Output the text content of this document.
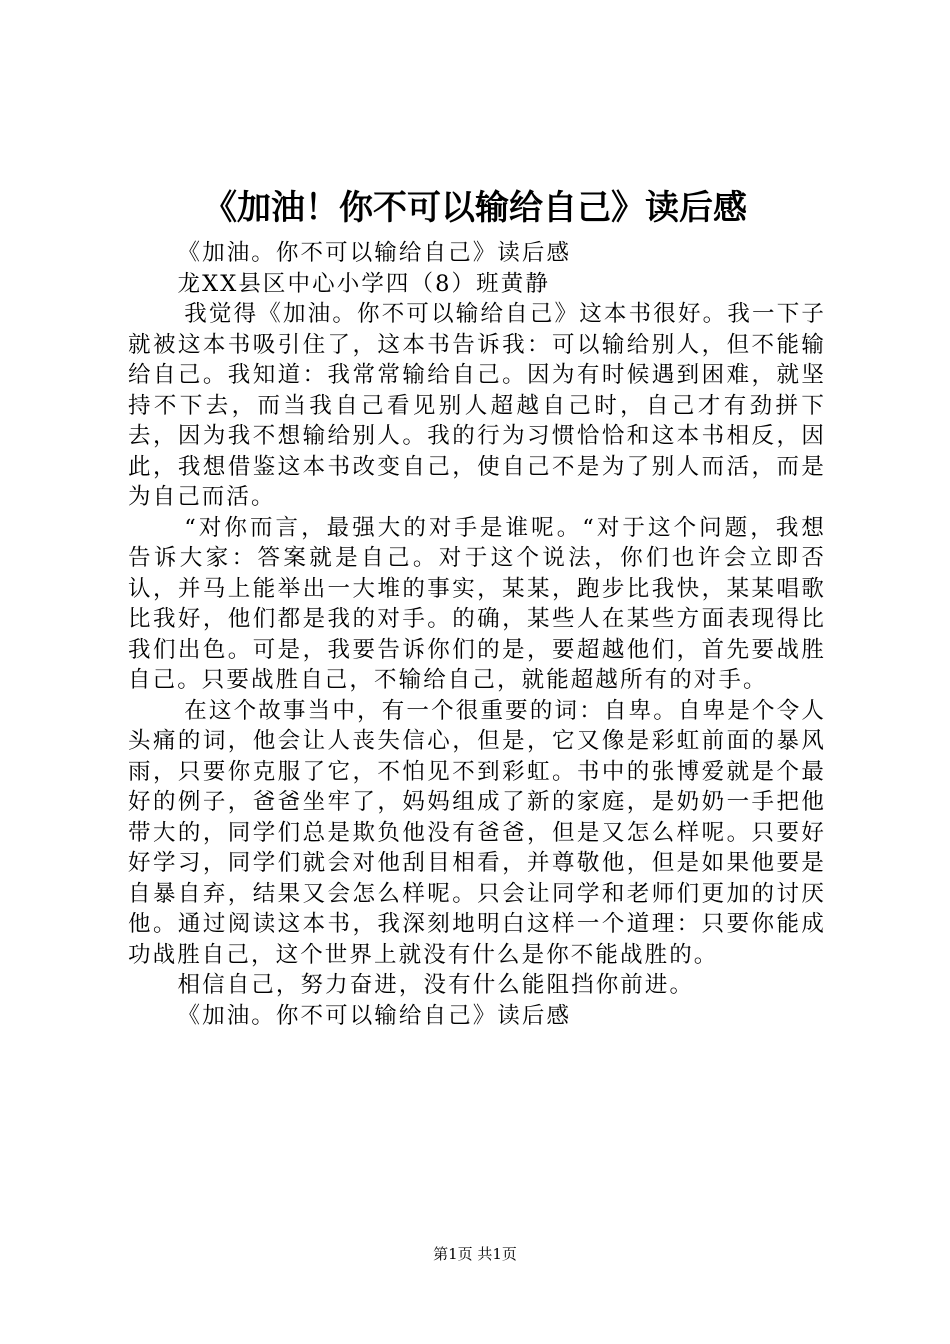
《加油！你不可以输给自己》读后感

《加油。你不可以输给自己》读后感

龙XX县区中心小学四（8）班黄静

我觉得《加油。你不可以输给自己》这本书很好。我一下子就被这本书吸引住了，这本书告诉我：可以输给别人，但不能输给自己。我知道：我常常输给自己。因为有时候遇到困难，就坚持不下去，而当我自己看见别人超越自己时，自己才有劲拼下去，因为我不想输给别人。我的行为习惯恰恰和这本书相反，因此，我想借鉴这本书改变自己，使自己不是为了别人而活，而是为自己而活。

“对你而言，最强大的对手是谁呢。“对于这个问题，我想告诉大家：答案就是自己。对于这个说法，你们也许会立即否认，并马上能举出一大堆的事实，某某，跑步比我快，某某唱歌比我好，他们都是我的对手。的确，某些人在某些方面表现得比我们出色。可是，我要告诉你们的是，要超越他们，首先要战胜自己。只要战胜自己，不输给自己，就能超越所有的对手。

在这个故事当中，有一个很重要的词：自卑。自卑是个令人头痛的词，他会让人丧失信心，但是，它又像是彩虹前面的暴风雨，只要你克服了它，不怕见不到彩虹。书中的张博爱就是个最好的例子，爸爸坐牢了，妈妈组成了新的家庭，是奶奶一手把他带大的，同学们总是欺负他没有爸爸，但是又怎么样呢。只要好好学习，同学们就会对他刮目相看，并尊敬他，但是如果他要是自暴自弃，结果又会怎么样呢。只会让同学和老师们更加的讨厌他。通过阅读这本书，我深刻地明白这样一个道理：只要你能成功战胜自己，这个世界上就没有什么是你不能战胜的。

相信自己，努力奋进，没有什么能阻挡你前进。

《加油。你不可以输给自己》读后感

第1页 共1页
